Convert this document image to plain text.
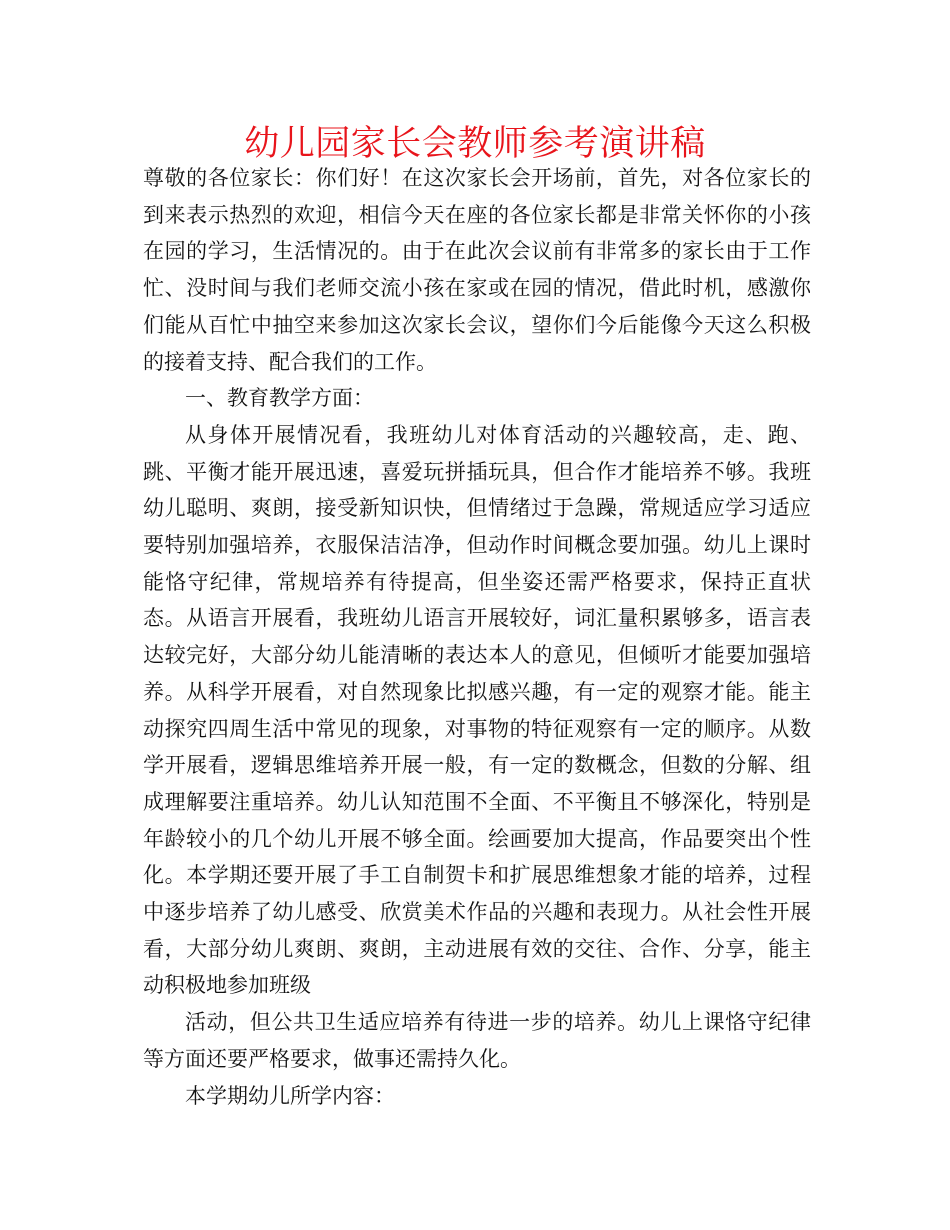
幼儿园家长会教师参考演讲稿

尊敬的各位家长：你们好！在这次家长会开场前，首先，对各位家长的到来表示热烈的欢迎，相信今天在座的各位家长都是非常关怀你的小孩在园的学习，生活情况的。由于在此次会议前有非常多的家长由于工作忙、没时间与我们老师交流小孩在家或在园的情况，借此时机，感激你们能从百忙中抽空来参加这次家长会议，望你们今后能像今天这么积极的接着支持、配合我们的工作。

一、教育教学方面：

从身体开展情况看，我班幼儿对体育活动的兴趣较高，走、跑、跳、平衡才能开展迅速，喜爱玩拼插玩具，但合作才能培养不够。我班幼儿聪明、爽朗，接受新知识快，但情绪过于急躁，常规适应学习适应要特别加强培养，衣服保洁洁净，但动作时间概念要加强。幼儿上课时能恪守纪律，常规培养有待提高，但坐姿还需严格要求，保持正直状态。从语言开展看，我班幼儿语言开展较好，词汇量积累够多，语言表达较完好，大部分幼儿能清晰的表达本人的意见，但倾听才能要加强培养。从科学开展看，对自然现象比拟感兴趣，有一定的观察才能。能主动探究四周生活中常见的现象，对事物的特征观察有一定的顺序。从数学开展看，逻辑思维培养开展一般，有一定的数概念，但数的分解、组成理解要注重培养。幼儿认知范围不全面、不平衡且不够深化，特别是年龄较小的几个幼儿开展不够全面。绘画要加大提高，作品要突出个性化。本学期还要开展了手工自制贺卡和扩展思维想象才能的培养，过程中逐步培养了幼儿感受、欣赏美术作品的兴趣和表现力。从社会性开展看，大部分幼儿爽朗、爽朗，主动进展有效的交往、合作、分享，能主动积极地参加班级

活动，但公共卫生适应培养有待进一步的培养。幼儿上课恪守纪律等方面还要严格要求，做事还需持久化。

本学期幼儿所学内容：
